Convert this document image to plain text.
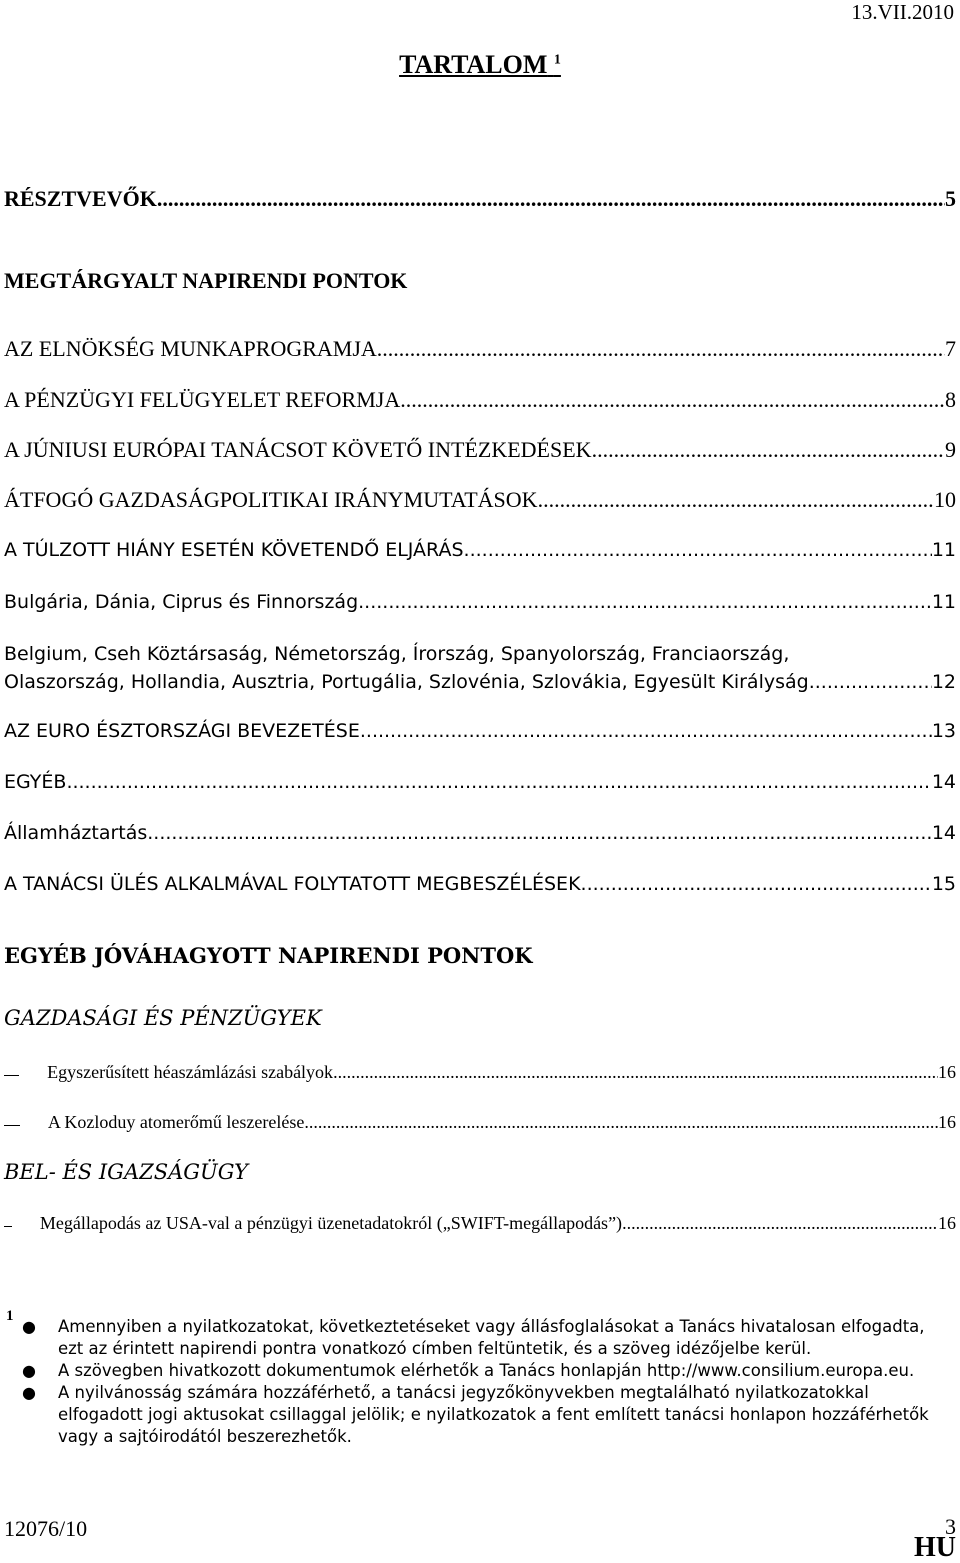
13.VII.2010
TARTALOM $^1$
RÉSZTVEVŐK .....	5
MEGTÁRGYALT NAPIRENDI PONTOK
AZ ELNÖKSÉG MUNKAPROGRAMJA .....	7
A PÉNZÜGYI FELÜGYELET REFORMJA .....	8
A JÚNIUSI EURÓPAI TANÁCSOT KÖVETŐ INTÉZKEDÉSEK .....	9
ÁTFOGÓ GAZDASÁGPOLITIKAI IRÁNYMUTATÁSOK .....	10
A TÚLZOTT HIÁNY ESETÉN KÖVETENDŐ ELJÁRÁS .....	11
Bulgária, Dánia, Ciprus és Finnország .....	11
Belgium, Cseh Köztársaság, Németország, Írország, Spanyolország, Franciaország,
Olaszország, Hollandia, Ausztria, Portugália, Szlovénia, Szlovákia, Egyesült Királyság .....	12
AZ EURO ÉSZTORSZÁGI BEVEZETÉSE .....	13
EGYÉB .....	14
Államháztartás .....	14
A TANÁCSI ÜLÉS ALKALMÁVAL FOLYTATOTT MEGBESZÉLÉSEK .....	15
EGYÉB JÓVÁHAGYOTT NAPIRENDI PONTOK
GAZDASÁGI ÉS PÉNZÜGYEK
Egyszerűsített héaszámlázási szabályok .....	16
A Kozloduy atomerőmű leszerelése .....	16
BEL- ÉS IGAZSÁGÜGY
Megállapodás az USA-val a pénzügyi üzenetadatokról („SWIFT-megállapodás”) .....	16
1
● Amennyiben a nyilatkozatokat, következtetéseket vagy állásfoglalásokat a Tanács hivatalosan elfogadta, ezt az érintett napirendi pontra vonatkozó címben feltüntetik, és a szöveg idézőjelbe kerül.
● A szövegben hivatkozott dokumentumok elérhetők a Tanács honlapján http://www.consilium.europa.eu.
● A nyilvánosság számára hozzáférhető, a tanácsi jegyzőkönyvekben megtalálható nyilatkozatokkal elfogadott jogi aktusokat csillaggal jelölik; e nyilatkozatok a fent említett tanácsi honlapon hozzáférhetők vagy a sajtóirodától beszerezhetők.
12076/10	3
HU
